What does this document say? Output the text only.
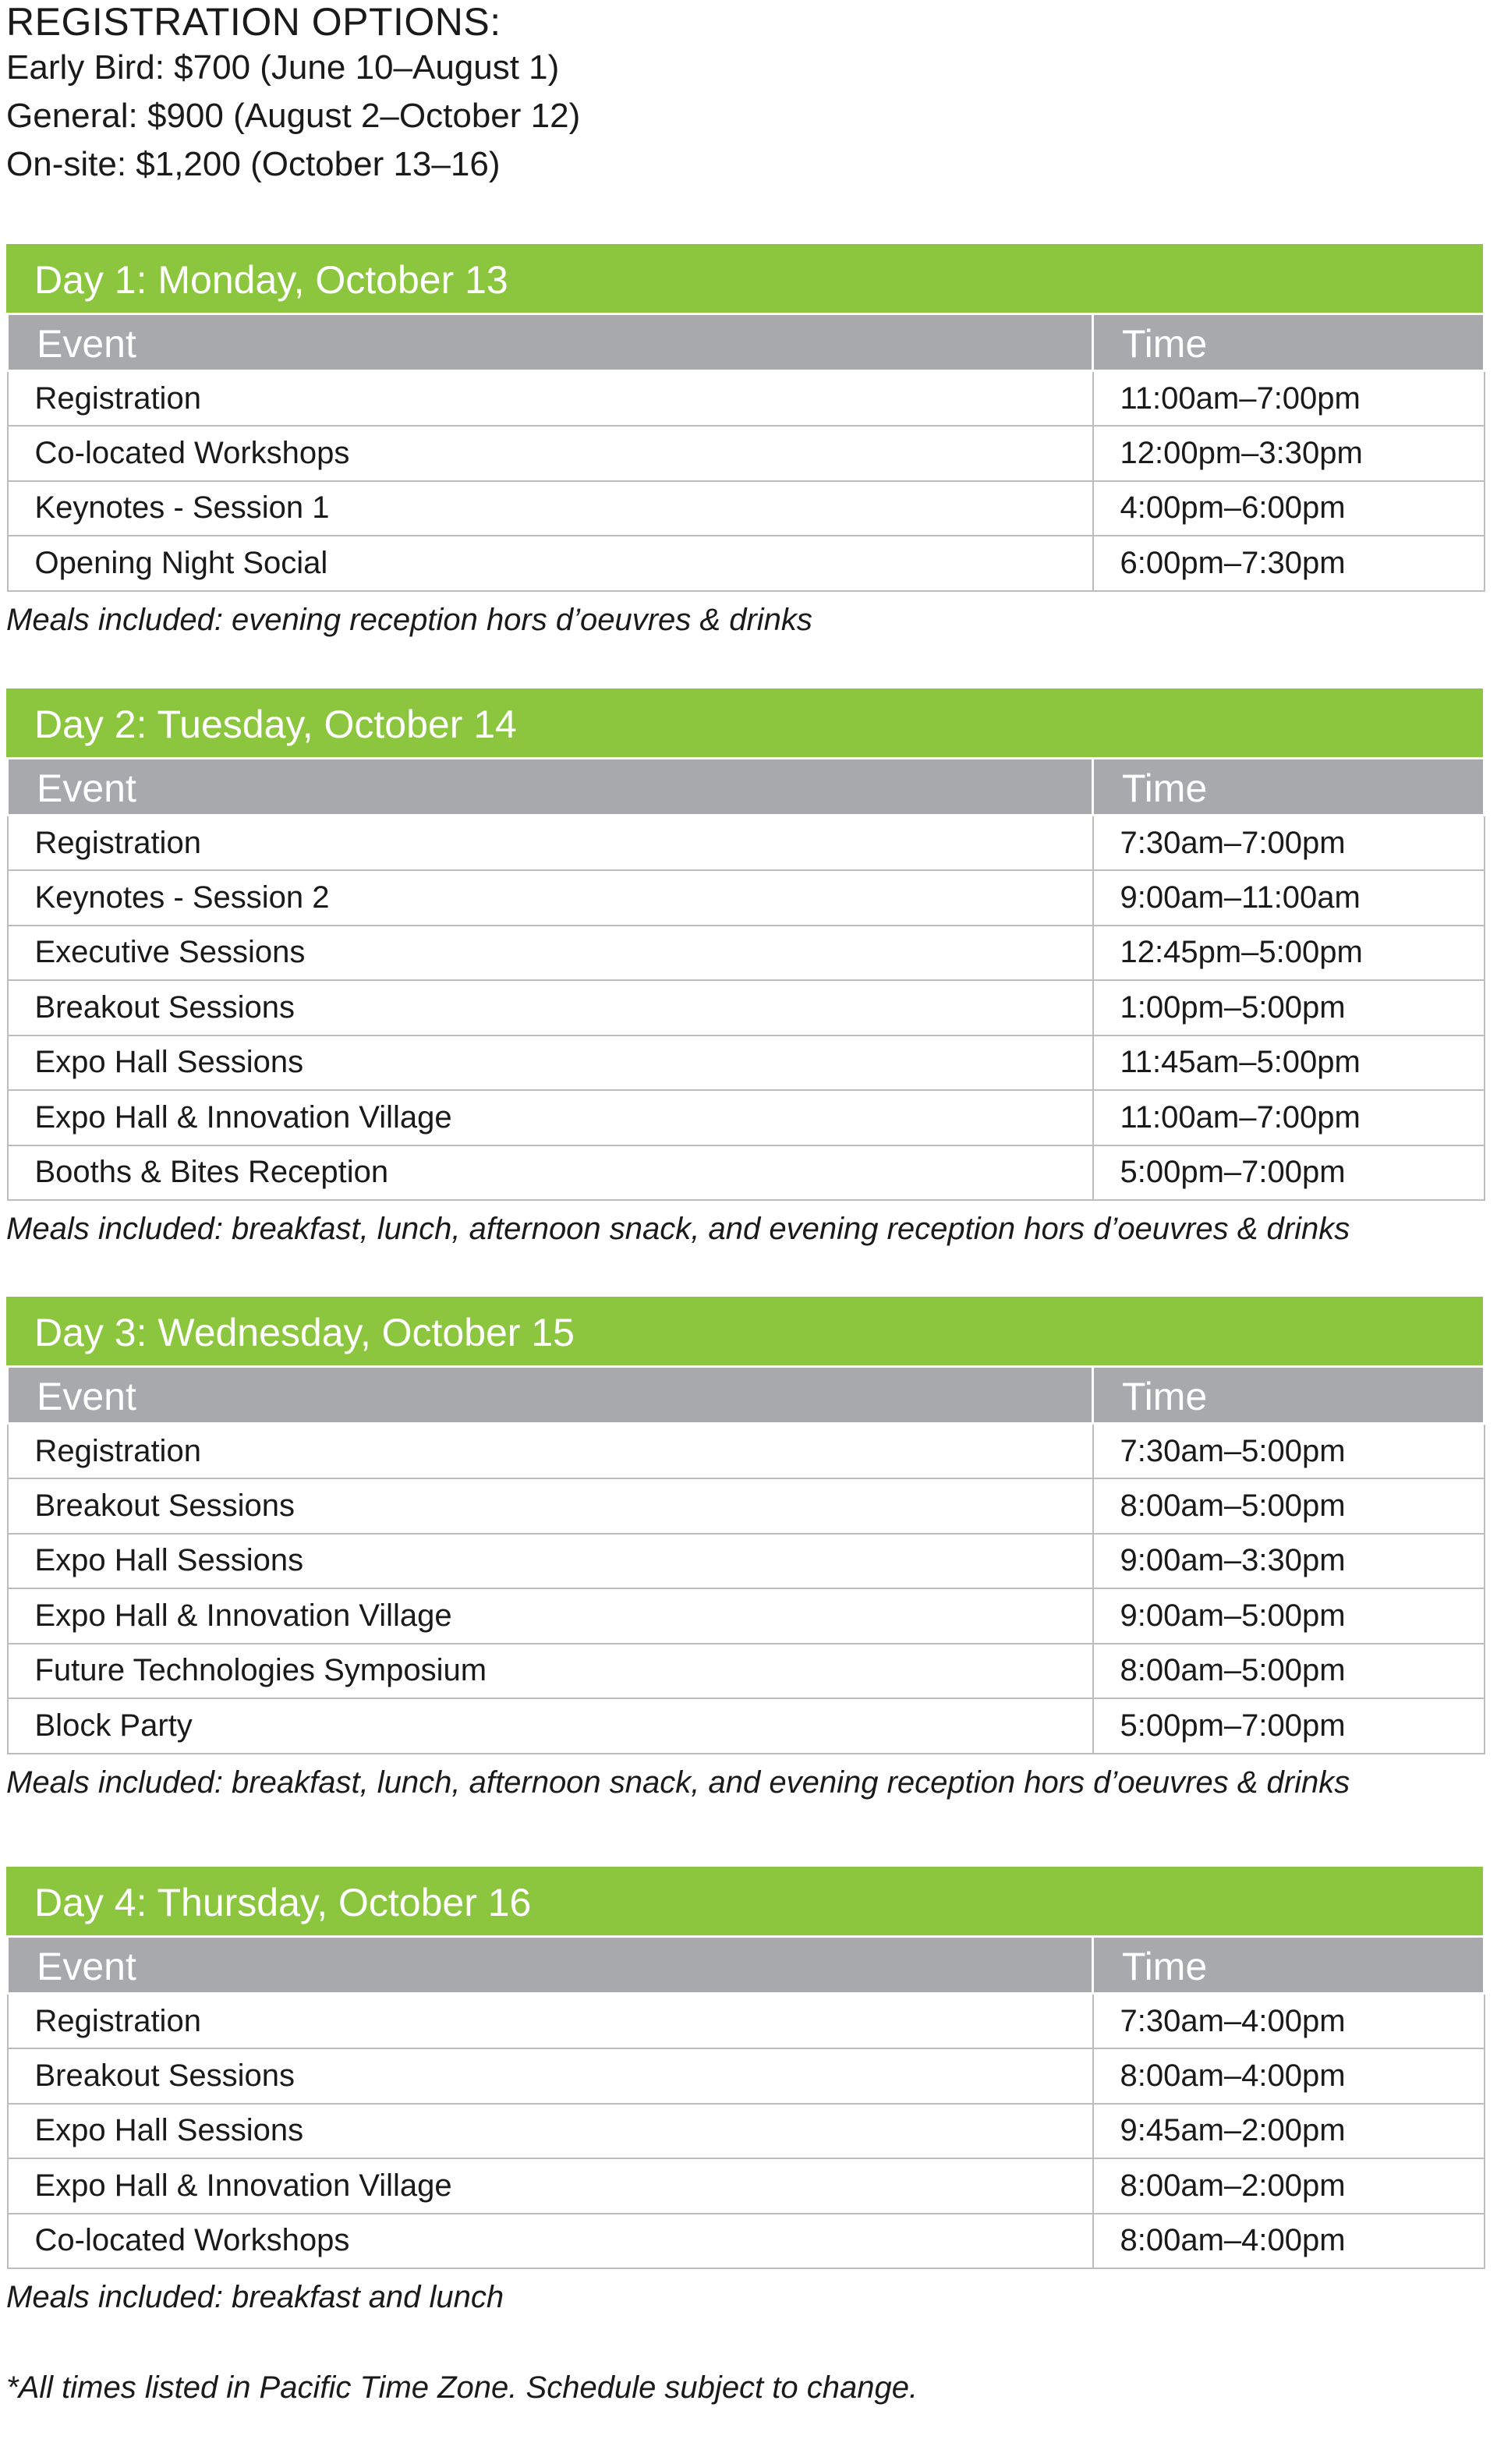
REGISTRATION OPTIONS:

Early Bird: $700 (June 10–August 1)

General: $900 (August 2–October 12)

On-site: $1,200 (October 13–16)

Day 1: Monday, October 13
Event	Time
Registration	11:00am–7:00pm
Co-located Workshops	12:00pm–3:30pm
Keynotes - Session 1	4:00pm–6:00pm
Opening Night Social	6:00pm–7:30pm
Meals included: evening reception hors d’oeuvres & drinks
Day 2: Tuesday, October 14
Event	Time
Registration	7:30am–7:00pm
Keynotes - Session 2	9:00am–11:00am
Executive Sessions	12:45pm–5:00pm
Breakout Sessions	1:00pm–5:00pm
Expo Hall Sessions	11:45am–5:00pm
Expo Hall & Innovation Village	11:00am–7:00pm
Booths & Bites Reception	5:00pm–7:00pm
Meals included: breakfast, lunch, afternoon snack, and evening reception hors d’oeuvres & drinks
Day 3: Wednesday, October 15
Event	Time
Registration	7:30am–5:00pm
Breakout Sessions	8:00am–5:00pm
Expo Hall Sessions	9:00am–3:30pm
Expo Hall & Innovation Village	9:00am–5:00pm
Future Technologies Symposium	8:00am–5:00pm
Block Party	5:00pm–7:00pm
Meals included: breakfast, lunch, afternoon snack, and evening reception hors d’oeuvres & drinks
Day 4: Thursday, October 16
Event	Time
Registration	7:30am–4:00pm
Breakout Sessions	8:00am–4:00pm
Expo Hall Sessions	9:45am–2:00pm
Expo Hall & Innovation Village	8:00am–2:00pm
Co-located Workshops	8:00am–4:00pm
Meals included: breakfast and lunch
*All times listed in Pacific Time Zone. Schedule subject to change.
